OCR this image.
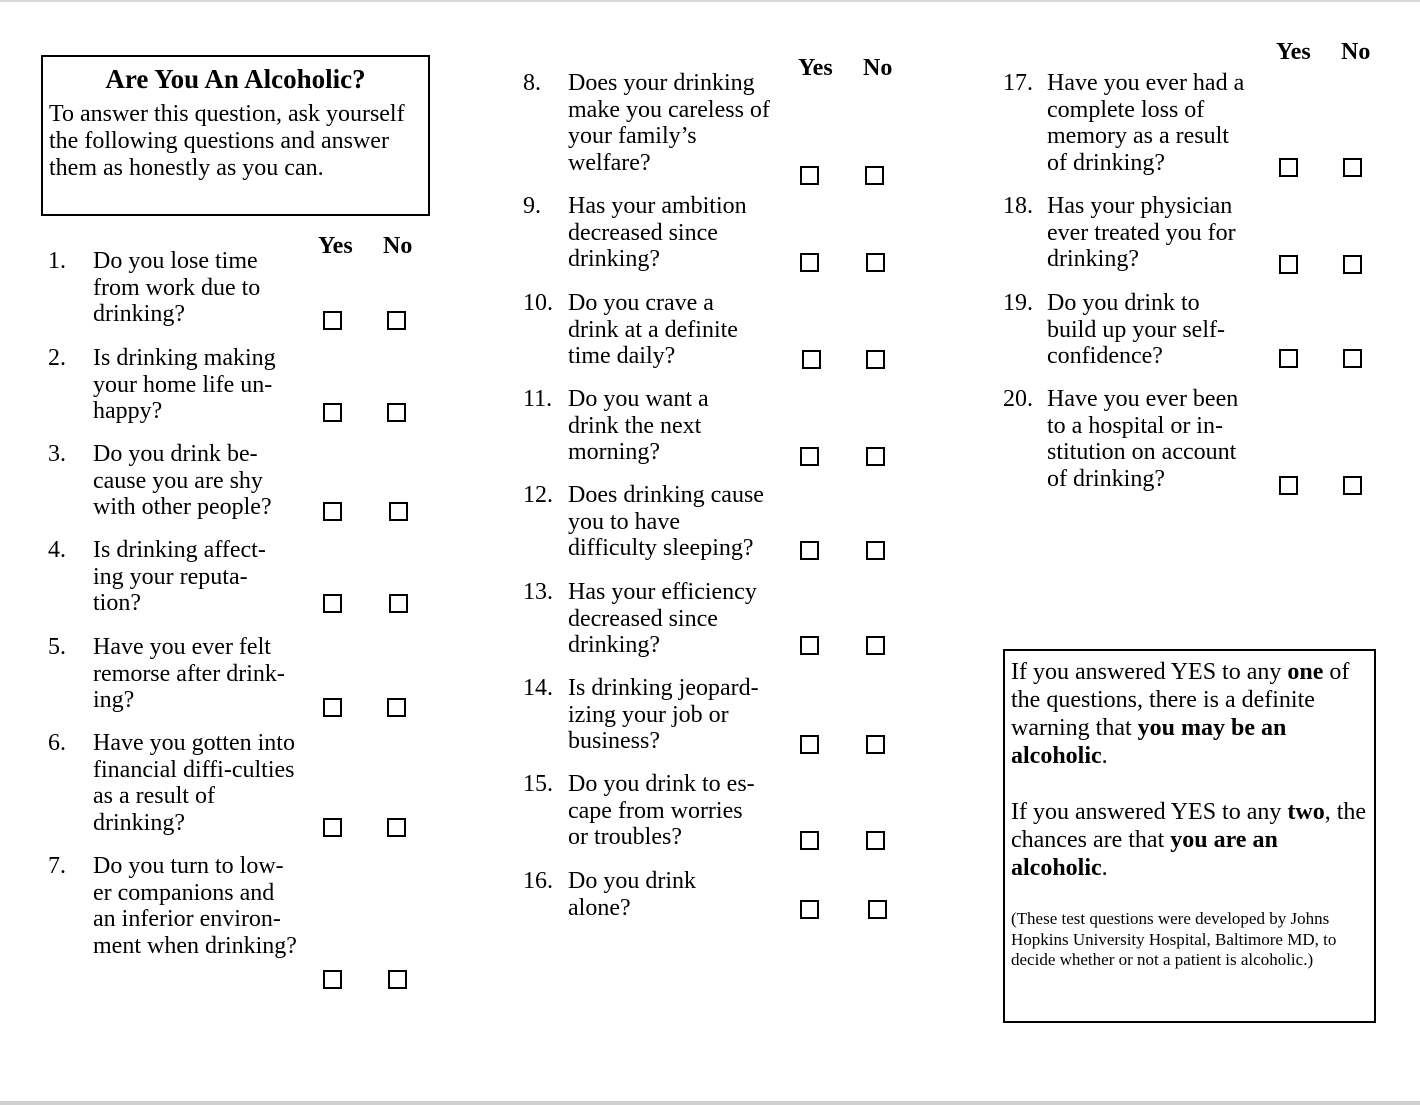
Are You An Alcoholic?

To answer this question, ask yourself the following questions and answer them as honestly as you can.

Yes No
Yes No
Yes No
1. Do you lose time from work due to drinking?

2. Is drinking making your home life un-happy?

3. Do you drink be-cause you are shy with other people?

4. Is drinking affect-ing your reputa-tion?

5. Have you ever felt remorse after drink-ing?

6. Have you gotten into financial diffi-culties as a result of drinking?

7. Do you turn to low-er companions and an inferior environ-ment when drinking?

8. Does your drinking make you careless of your family’s welfare?

9. Has your ambition decreased since drinking?

10. Do you crave a drink at a definite time daily?

11. Do you want a drink the next morning?

12. Does drinking cause you to have difficulty sleeping?

13. Has your efficiency decreased since drinking?

14. Is drinking jeopard-izing your job or business?

15. Do you drink to es-cape from worries or troubles?

16. Do you drink alone?

17. Have you ever had a complete loss of memory as a result of drinking?

18. Has your physician ever treated you for drinking?

19. Do you drink to build up your self-confidence?

20. Have you ever been to a hospital or in-stitution on account of drinking?

If you answered YES to any one of the questions, there is a definite warning that you may be an alcoholic.

If you answered YES to any two, the chances are that you are an alcoholic.

(These test questions were developed by Johns Hopkins University Hospital, Baltimore MD, to decide whether or not a patient is alcoholic.)
